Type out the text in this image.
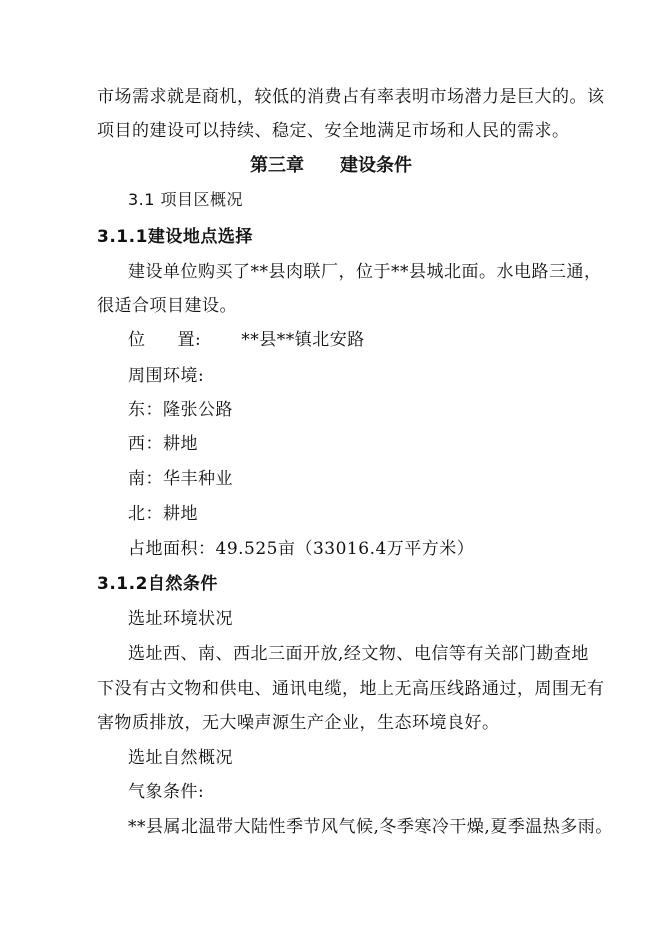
市场需求就是商机，较低的消费占有率表明市场潜力是巨大的。该
项目的建设可以持续、稳定、安全地满足市场和人民的需求。
第三章 建设条件
3.1 项目区概况
3.1.1建设地点选择
建设单位购买了**县肉联厂，位于**县城北面。水电路三通，
很适合项目建设。
位 置: **县**镇北安路
周围环境:
东：隆张公路
西：耕地
南：华丰种业
北：耕地
占地面积：49.525亩（33016.4万平方米）
3.1.2自然条件
选址环境状况
选址西、南、西北三面开放,经文物、电信等有关部门勘查地
下没有古文物和供电、通讯电缆，地上无高压线路通过，周围无有
害物质排放，无大噪声源生产企业，生态环境良好。
选址自然概况
气象条件:
**县属北温带大陆性季节风气候,冬季寒冷干燥,夏季温热多雨。
